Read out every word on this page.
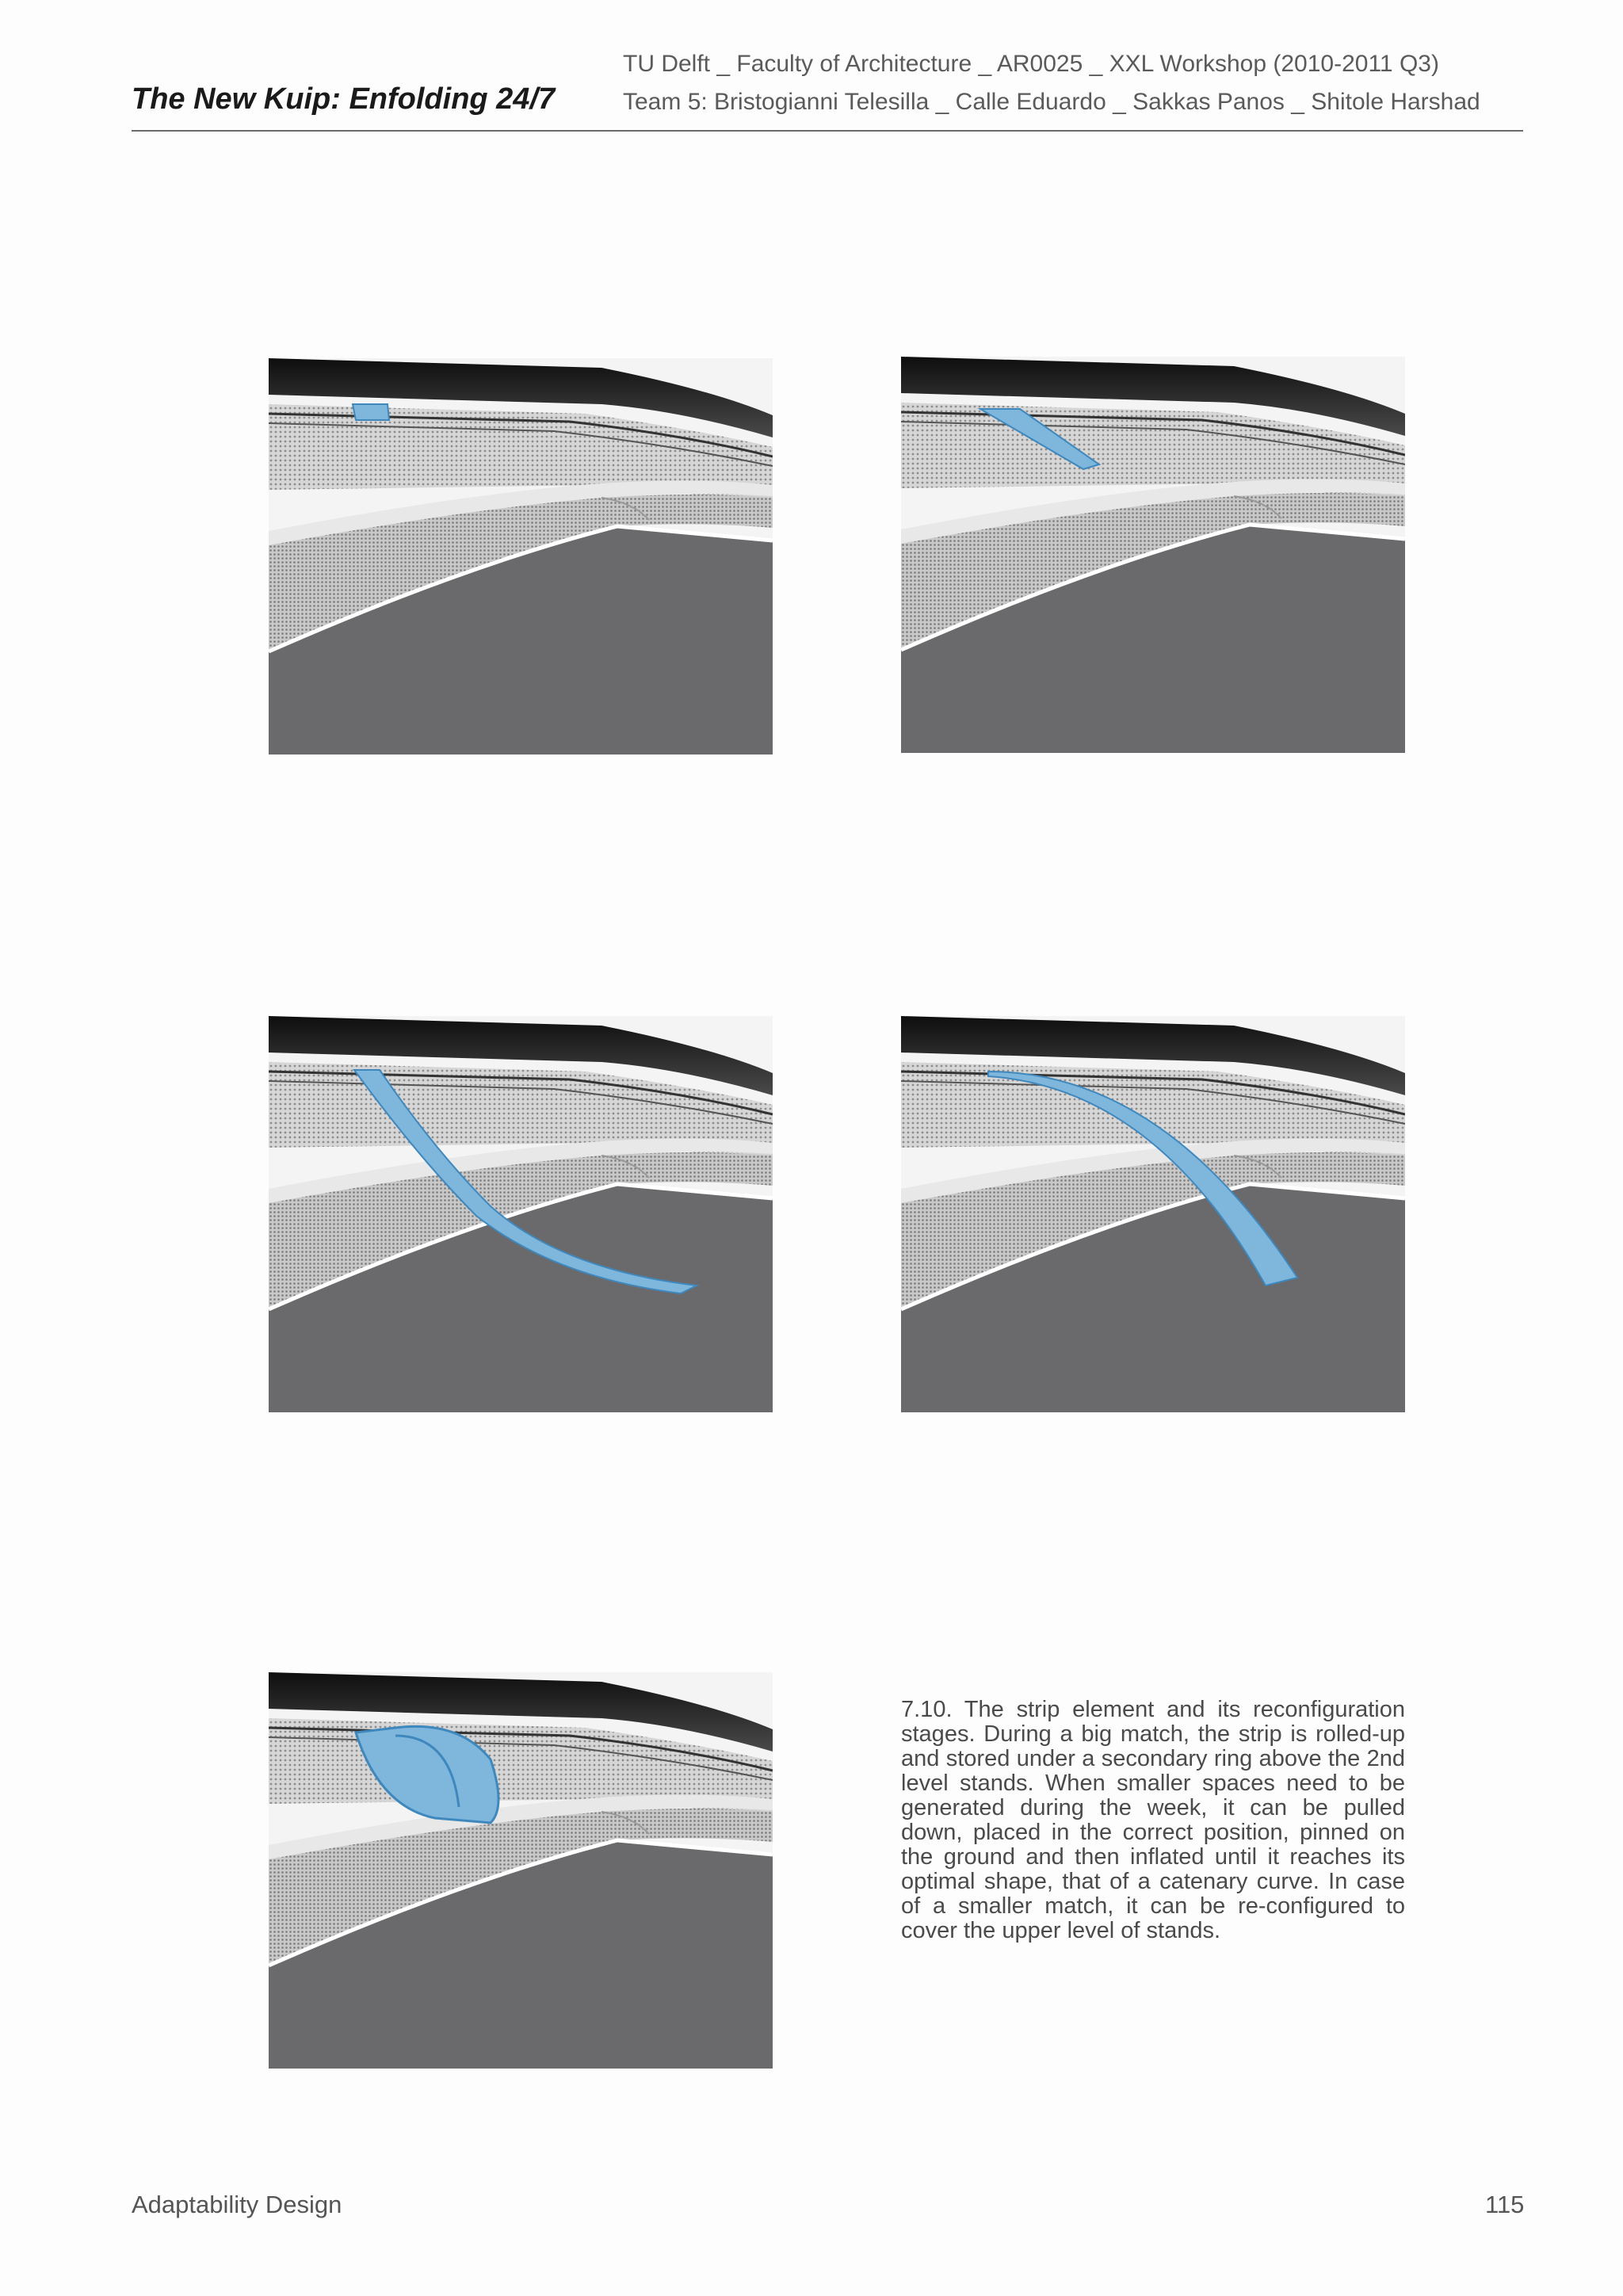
The New Kuip: Enfolding 24/7
TU Delft _ Faculty of Architecture _ AR0025 _ XXL Workshop (2010-2011 Q3)
Team 5: Bristogianni Telesilla _ Calle Eduardo _ Sakkas Panos _ Shitole Harshad
7.10. The strip element and its reconfiguration stages. During a big match, the strip is rolled-up and stored under a secondary ring above the 2nd level stands. When smaller spaces need to be generated during the week, it can be pulled down, placed in the correct position, pinned on the ground and then inflated until it reaches its optimal shape, that of a catenary curve. In case of a smaller match, it can be re-configured to cover the upper level of stands.
Adaptability Design	115
